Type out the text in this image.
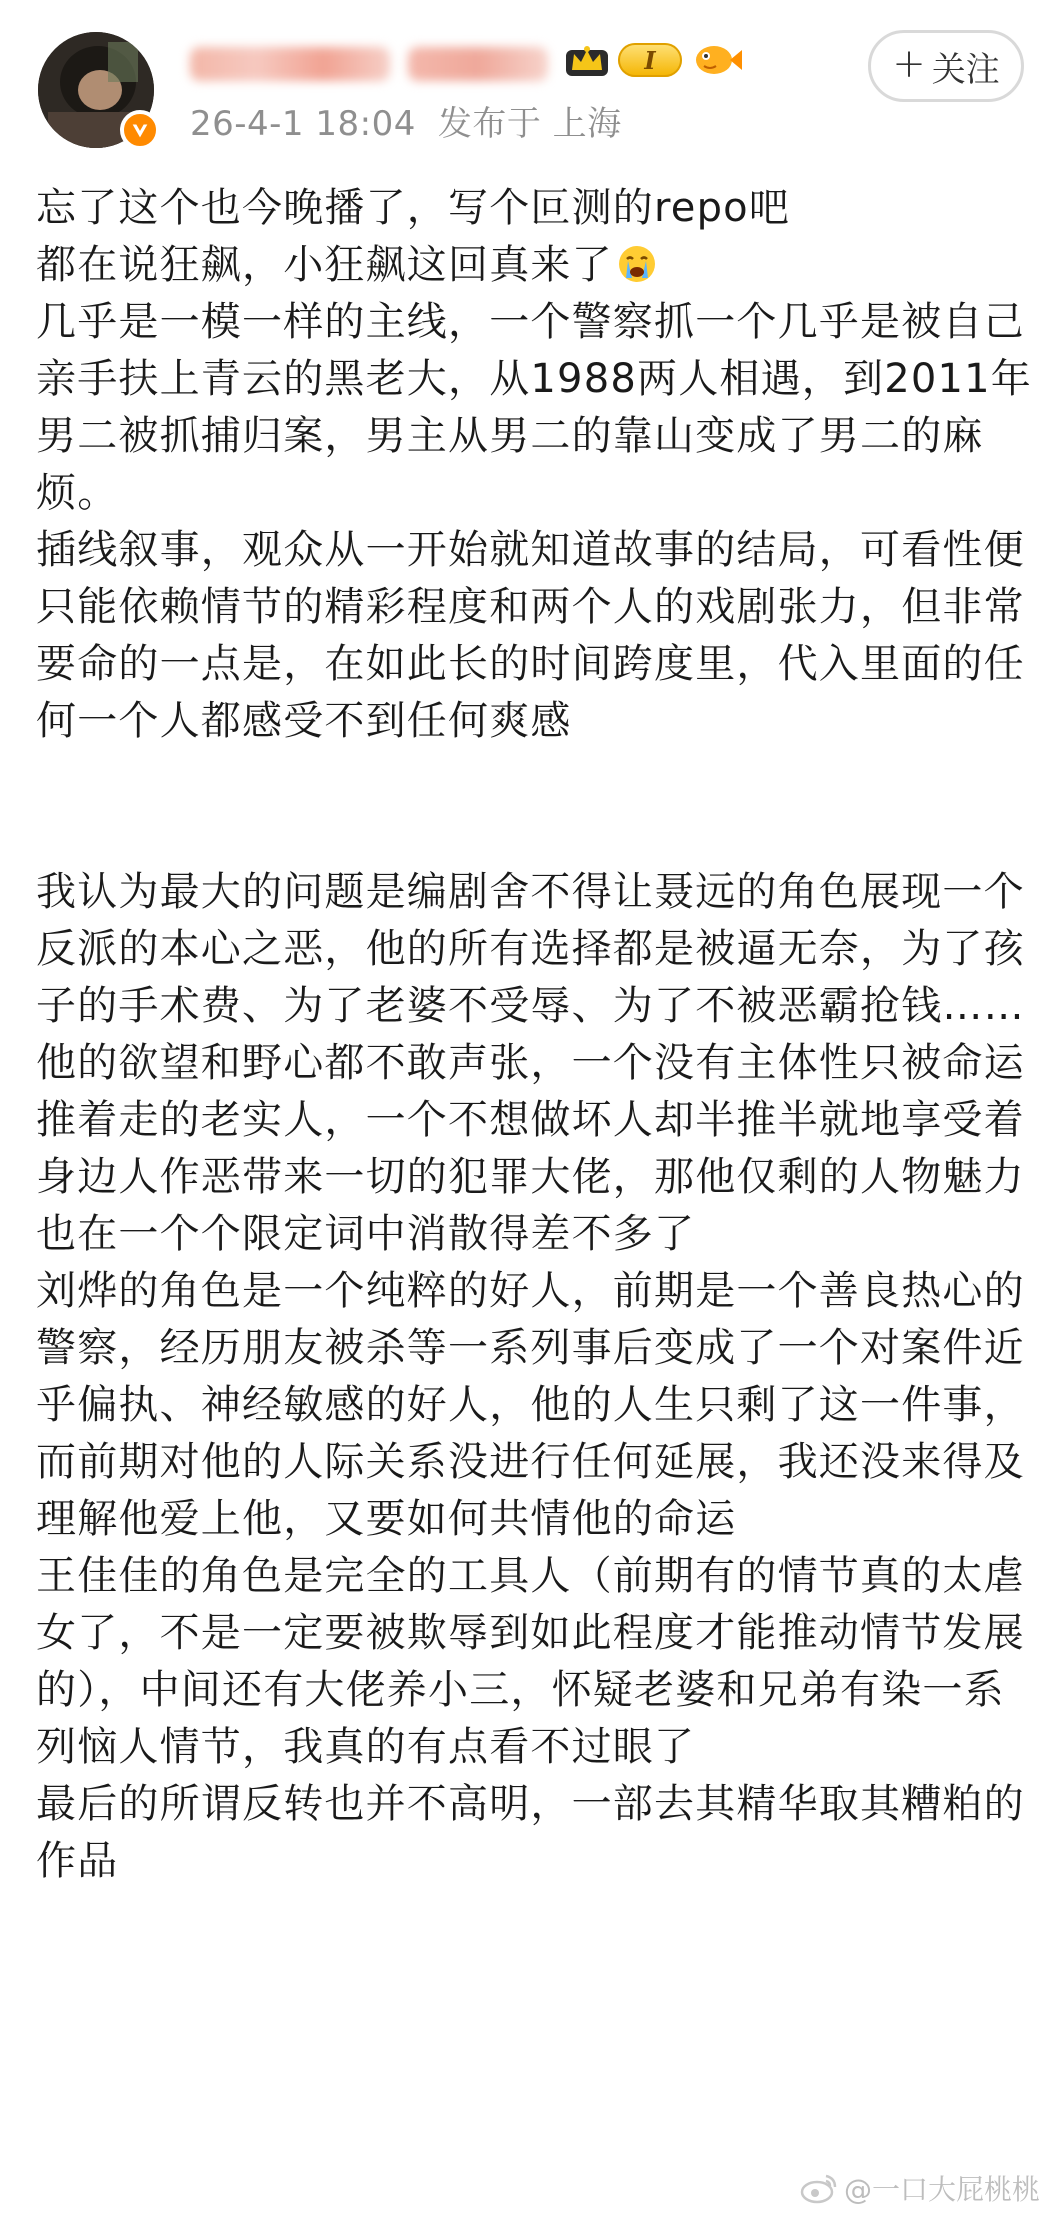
I
26-4-1 18:04 发布于 上海
+ 关注

忘了这个也今晚播了，写个叵测的repo吧

都在说狂飙，小狂飙这回真来了

几乎是一模一样的主线，一个警察抓一个几乎是被自己亲手扶上青云的黑老大，从1988两人相遇，到2011年男二被抓捕归案，男主从男二的靠山变成了男二的麻烦。

插线叙事，观众从一开始就知道故事的结局，可看性便只能依赖情节的精彩程度和两个人的戏剧张力，但非常要命的一点是，在如此长的时间跨度里，代入里面的任何一个人都感受不到任何爽感

我认为最大的问题是编剧舍不得让聂远的角色展现一个反派的本心之恶，他的所有选择都是被逼无奈，为了孩子的手术费、为了老婆不受辱、为了不被恶霸抢钱……他的欲望和野心都不敢声张，一个没有主体性只被命运推着走的老实人，一个不想做坏人却半推半就地享受着身边人作恶带来一切的犯罪大佬，那他仅剩的人物魅力也在一个个限定词中消散得差不多了

刘烨的角色是一个纯粹的好人，前期是一个善良热心的警察，经历朋友被杀等一系列事后变成了一个对案件近乎偏执、神经敏感的好人，他的人生只剩了这一件事，而前期对他的人际关系没进行任何延展，我还没来得及理解他爱上他，又要如何共情他的命运

王佳佳的角色是完全的工具人（前期有的情节真的太虐女了，不是一定要被欺辱到如此程度才能推动情节发展的），中间还有大佬养小三，怀疑老婆和兄弟有染一系列恼人情节，我真的有点看不过眼了

最后的所谓反转也并不高明，一部去其精华取其糟粕的作品

@一口大屁桃桃
